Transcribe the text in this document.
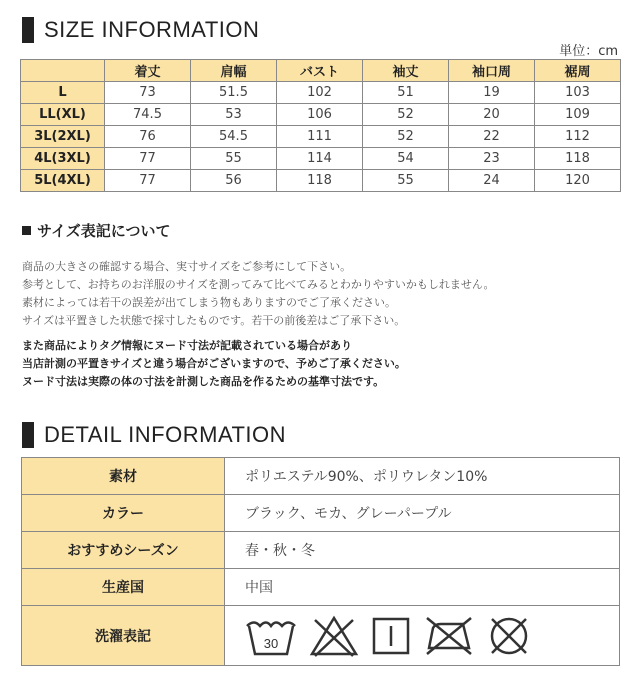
SIZE INFORMATION
単位：cm
	着丈	肩幅	バスト	袖丈	袖口周	裾周
L	73	51.5	102	51	19	103
LL(XL)	74.5	53	106	52	20	109
3L(2XL)	76	54.5	111	52	22	112
4L(3XL)	77	55	114	54	23	118
5L(4XL)	77	56	118	55	24	120
サイズ表記について
商品の大きさの確認する場合、実寸サイズをご参考にして下さい。
参考として、お持ちのお洋服のサイズを測ってみて比べてみるとわかりやすいかもしれません。
素材によっては若干の誤差が出てしまう物もありますのでご了承ください。
サイズは平置きした状態で採寸したものです。若干の前後差はご了承下さい。
また商品によりタグ情報にヌード寸法が記載されている場合があり
当店計測の平置きサイズと違う場合がございますので、予めご了承ください。
ヌード寸法は実際の体の寸法を計測した商品を作るための基準寸法です。
DETAIL INFORMATION
素材	ポリエステル90%、ポリウレタン10%
カラー	ブラック、モカ、グレーパープル
おすすめシーズン	春・秋・冬
生産国	中国
洗濯表記	30
